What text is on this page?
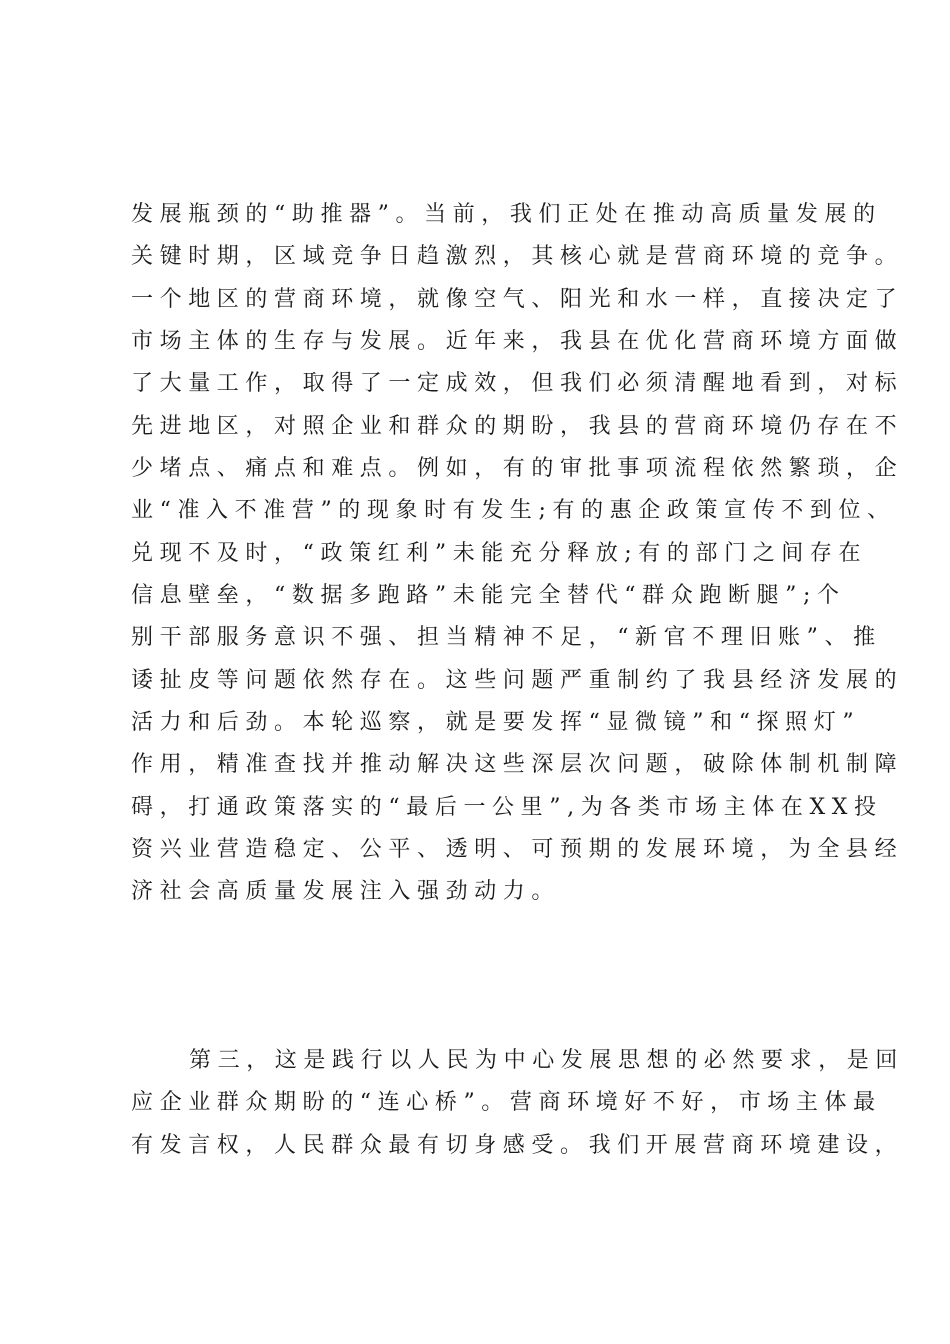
发展瓶颈的“助推器”。当前，我们正处在推动高质量发展的
关键时期，区域竞争日趋激烈，其核心就是营商环境的竞争。
一个地区的营商环境，就像空气、阳光和水一样，直接决定了
市场主体的生存与发展。近年来，我县在优化营商环境方面做
了大量工作，取得了一定成效，但我们必须清醒地看到，对标
先进地区，对照企业和群众的期盼，我县的营商环境仍存在不
少堵点、痛点和难点。例如，有的审批事项流程依然繁琐，企
业“准入不准营”的现象时有发生;有的惠企政策宣传不到位、
兑现不及时，“政策红利”未能充分释放;有的部门之间存在
信息壁垒，“数据多跑路”未能完全替代“群众跑断腿”;个
别干部服务意识不强、担当精神不足，“新官不理旧账”、推
诿扯皮等问题依然存在。这些问题严重制约了我县经济发展的
活力和后劲。本轮巡察，就是要发挥“显微镜”和“探照灯”
作用，精准查找并推动解决这些深层次问题，破除体制机制障
碍，打通政策落实的“最后一公里”,为各类市场主体在XX投
资兴业营造稳定、公平、透明、可预期的发展环境，为全县经
济社会高质量发展注入强劲动力。
第三，这是践行以人民为中心发展思想的必然要求，是回
应企业群众期盼的“连心桥”。营商环境好不好，市场主体最
有发言权，人民群众最有切身感受。我们开展营商环境建设，
